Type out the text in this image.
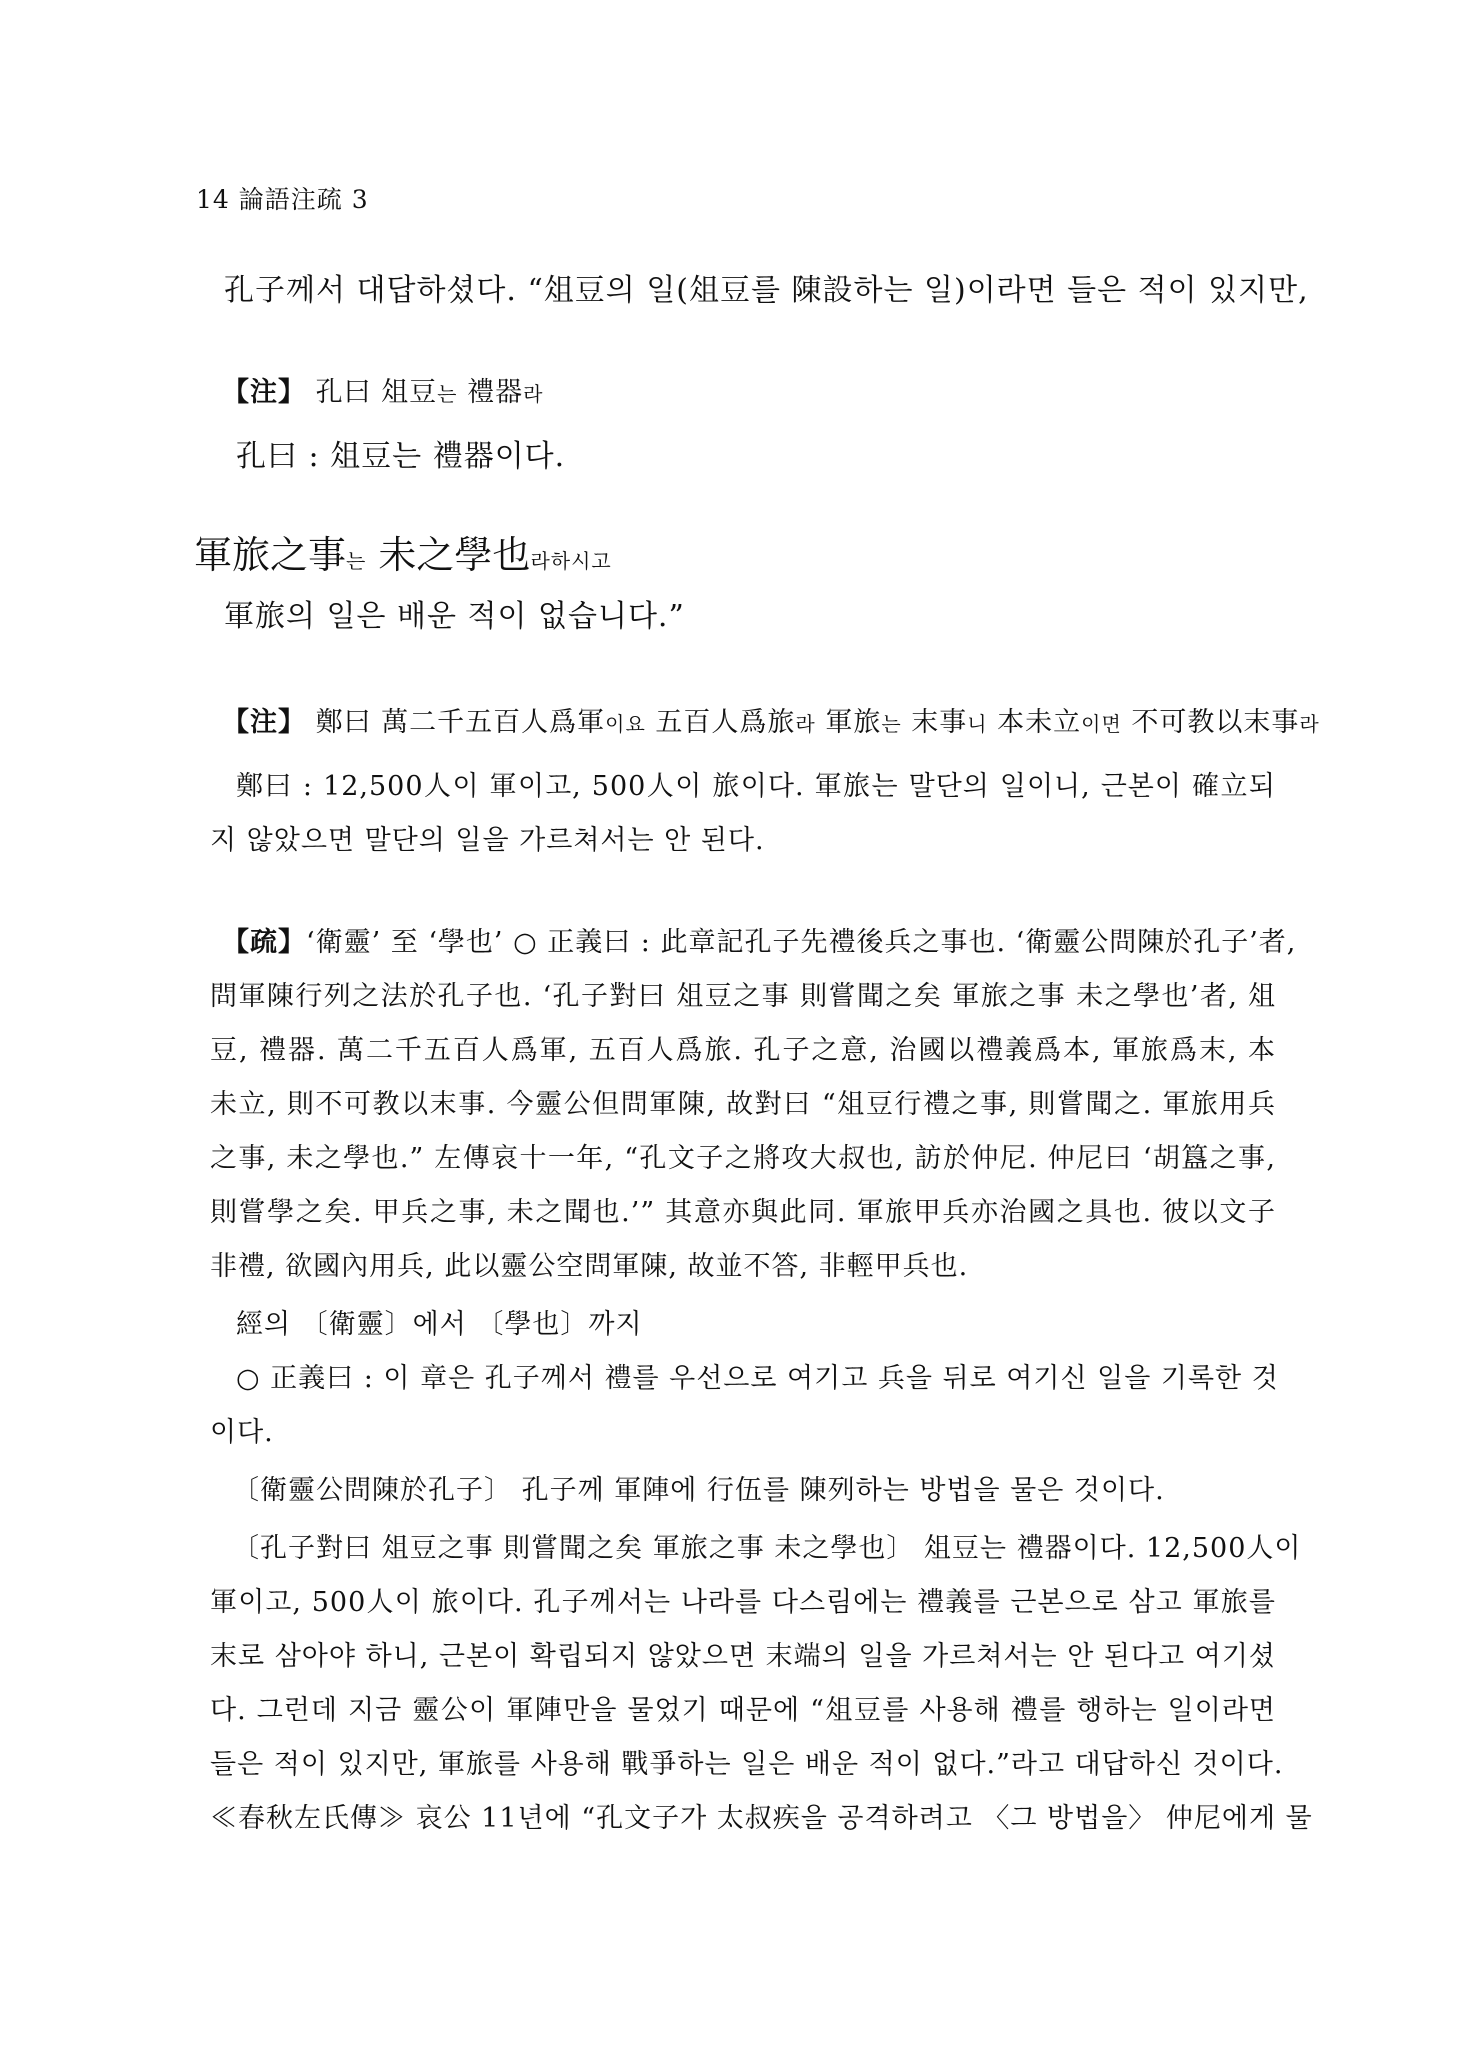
14 論語注疏 3
孔子께서 대답하셨다. “俎豆의 일(俎豆를 陳設하는 일)이라면 들은 적이 있지만,
【注】 孔曰 俎豆는 禮器라
孔曰 : 俎豆는 禮器이다.
軍旅之事는 未之學也라하시고
軍旅의 일은 배운 적이 없습니다.”
【注】 鄭曰 萬二千五百人爲軍이요 五百人爲旅라 軍旅는 末事니 本未立이면 不可教以末事라
鄭曰 : 12,500人이 軍이고, 500人이 旅이다. 軍旅는 말단의 일이니, 근본이 確立되
지 않았으면 말단의 일을 가르쳐서는 안 된다.
【疏】‘衛靈’ 至 ‘學也’ ○ 正義曰 : 此章記孔子先禮後兵之事也. ‘衛靈公問陳於孔子’者,
問軍陳行列之法於孔子也. ‘孔子對曰 俎豆之事 則嘗聞之矣 軍旅之事 未之學也’者, 俎
豆, 禮器. 萬二千五百人爲軍, 五百人爲旅. 孔子之意, 治國以禮義爲本, 軍旅爲末, 本
未立, 則不可教以末事. 今靈公但問軍陳, 故對曰 “俎豆行禮之事, 則嘗聞之. 軍旅用兵
之事, 未之學也.” 左傳哀十一年, “孔文子之將攻大叔也, 訪於仲尼. 仲尼曰 ‘胡簋之事,
則嘗學之矣. 甲兵之事, 未之聞也.’” 其意亦與此同. 軍旅甲兵亦治國之具也. 彼以文子
非禮, 欲國內用兵, 此以靈公空問軍陳, 故並不答, 非輕甲兵也.
經의 〔衛靈〕에서 〔學也〕까지
○ 正義曰 : 이 章은 孔子께서 禮를 우선으로 여기고 兵을 뒤로 여기신 일을 기록한 것
이다.
〔衛靈公問陳於孔子〕 孔子께 軍陣에 行伍를 陳列하는 방법을 물은 것이다.
〔孔子對曰 俎豆之事 則嘗聞之矣 軍旅之事 未之學也〕 俎豆는 禮器이다. 12,500人이
軍이고, 500人이 旅이다. 孔子께서는 나라를 다스림에는 禮義를 근본으로 삼고 軍旅를
末로 삼아야 하니, 근본이 확립되지 않았으면 末端의 일을 가르쳐서는 안 된다고 여기셨
다. 그런데 지금 靈公이 軍陣만을 물었기 때문에 “俎豆를 사용해 禮를 행하는 일이라면
들은 적이 있지만, 軍旅를 사용해 戰爭하는 일은 배운 적이 없다.”라고 대답하신 것이다.
≪春秋左氏傳≫ 哀公 11년에 “孔文子가 太叔疾을 공격하려고 〈그 방법을〉 仲尼에게 물
